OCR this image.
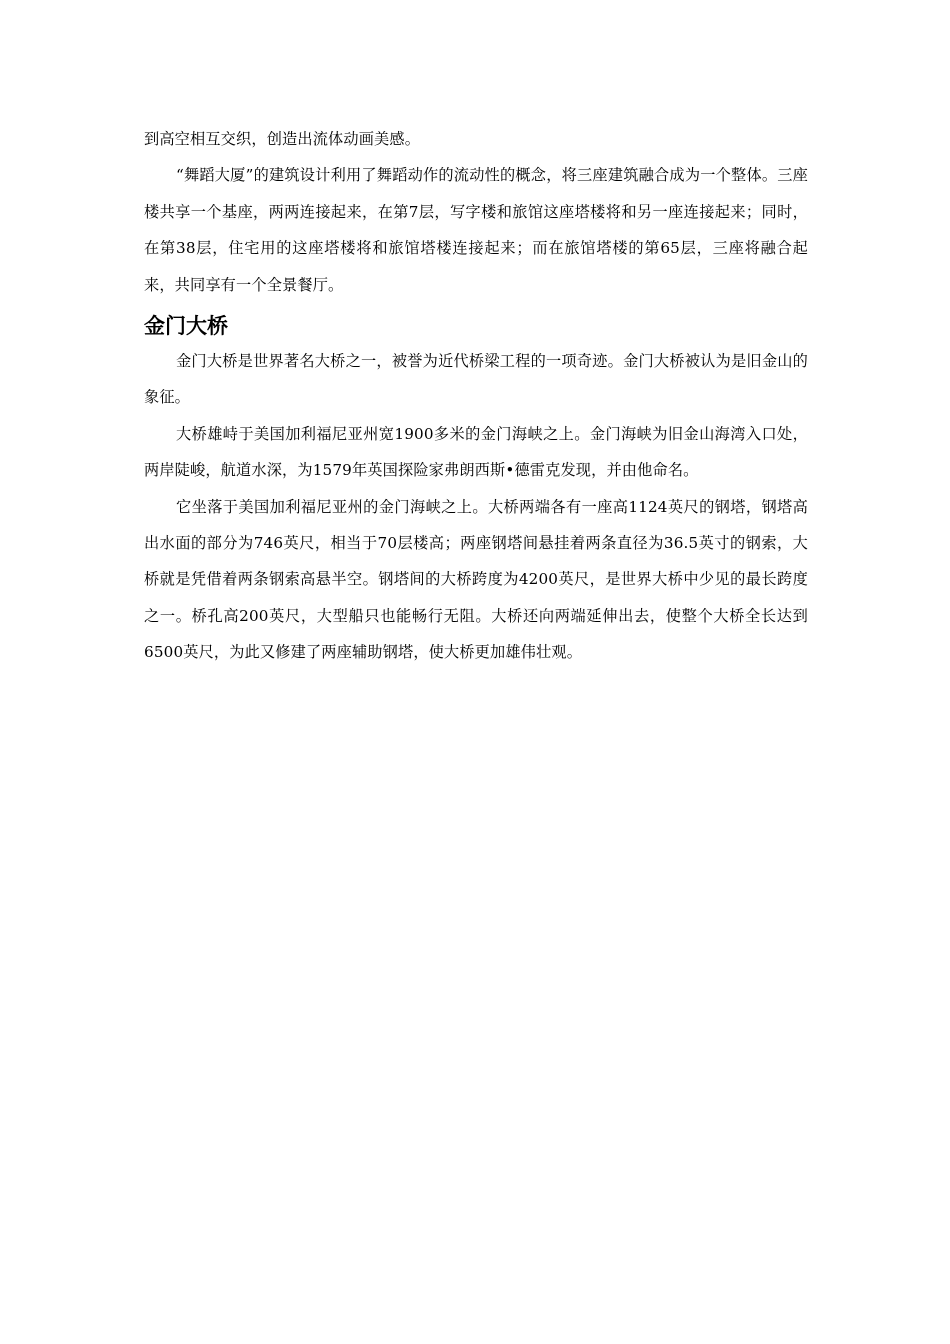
到高空相互交织，创造出流体动画美感。

“舞蹈大厦”的建筑设计利用了舞蹈动作的流动性的概念，将三座建筑融合成为一个整体。三座楼共享一个基座，两两连接起来，在第7层，写字楼和旅馆这座塔楼将和另一座连接起来；同时，在第38层，住宅用的这座塔楼将和旅馆塔楼连接起来；而在旅馆塔楼的第65层，三座将融合起来，共同享有一个全景餐厅。

金门大桥

金门大桥是世界著名大桥之一，被誉为近代桥梁工程的一项奇迹。金门大桥被认为是旧金山的象征。

大桥雄峙于美国加利福尼亚州宽1900多米的金门海峡之上。金门海峡为旧金山海湾入口处，两岸陡峻，航道水深，为1579年英国探险家弗朗西斯•德雷克发现，并由他命名。

它坐落于美国加利福尼亚州的金门海峡之上。大桥两端各有一座高1124英尺的钢塔，钢塔高出水面的部分为746英尺，相当于70层楼高；两座钢塔间悬挂着两条直径为36.5英寸的钢索，大桥就是凭借着两条钢索高悬半空。钢塔间的大桥跨度为4200英尺，是世界大桥中少见的最长跨度之一。桥孔高200英尺，大型船只也能畅行无阻。大桥还向两端延伸出去，使整个大桥全长达到6500英尺，为此又修建了两座辅助钢塔，使大桥更加雄伟壮观。
